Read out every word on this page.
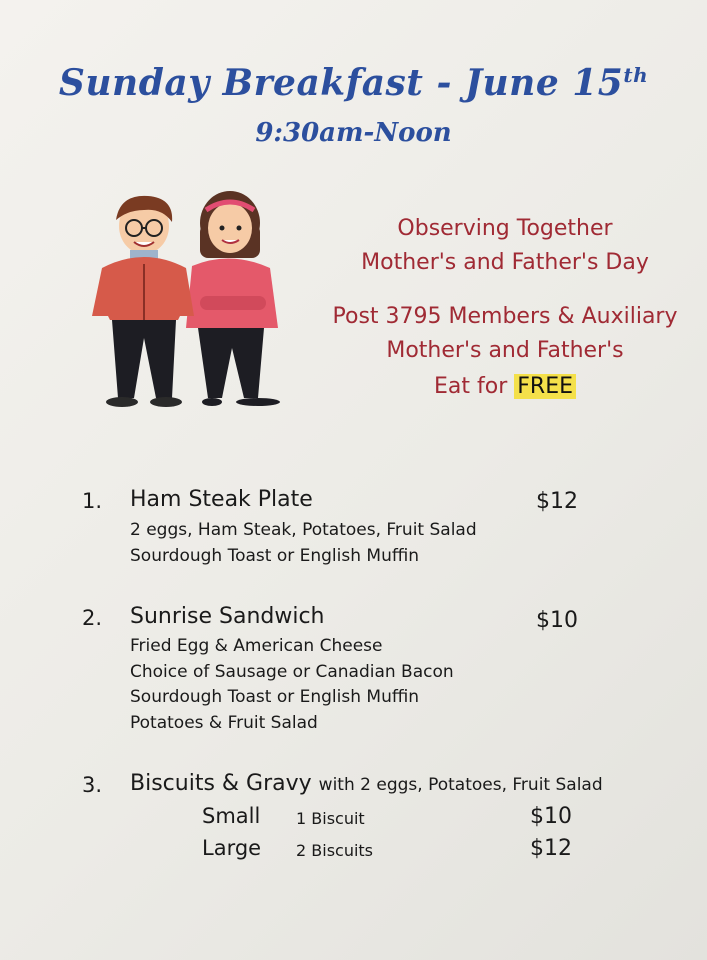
Sunday Breakfast - June 15th
9:30am-Noon
Observing Together
Mother's and Father's Day
Post 3795 Members & Auxiliary
Mother's and Father's
Eat for FREE
1. Ham Steak Plate	$12
2 eggs, Ham Steak, Potatoes, Fruit Salad
Sourdough Toast or English Muffin
2. Sunrise Sandwich	$10
Fried Egg & American Cheese
Choice of Sausage or Canadian Bacon
Sourdough Toast or English Muffin
Potatoes & Fruit Salad
3. Biscuits & Gravy with 2 eggs, Potatoes, Fruit Salad
Small 1 Biscuit	$10
Large 2 Biscuits	$12
